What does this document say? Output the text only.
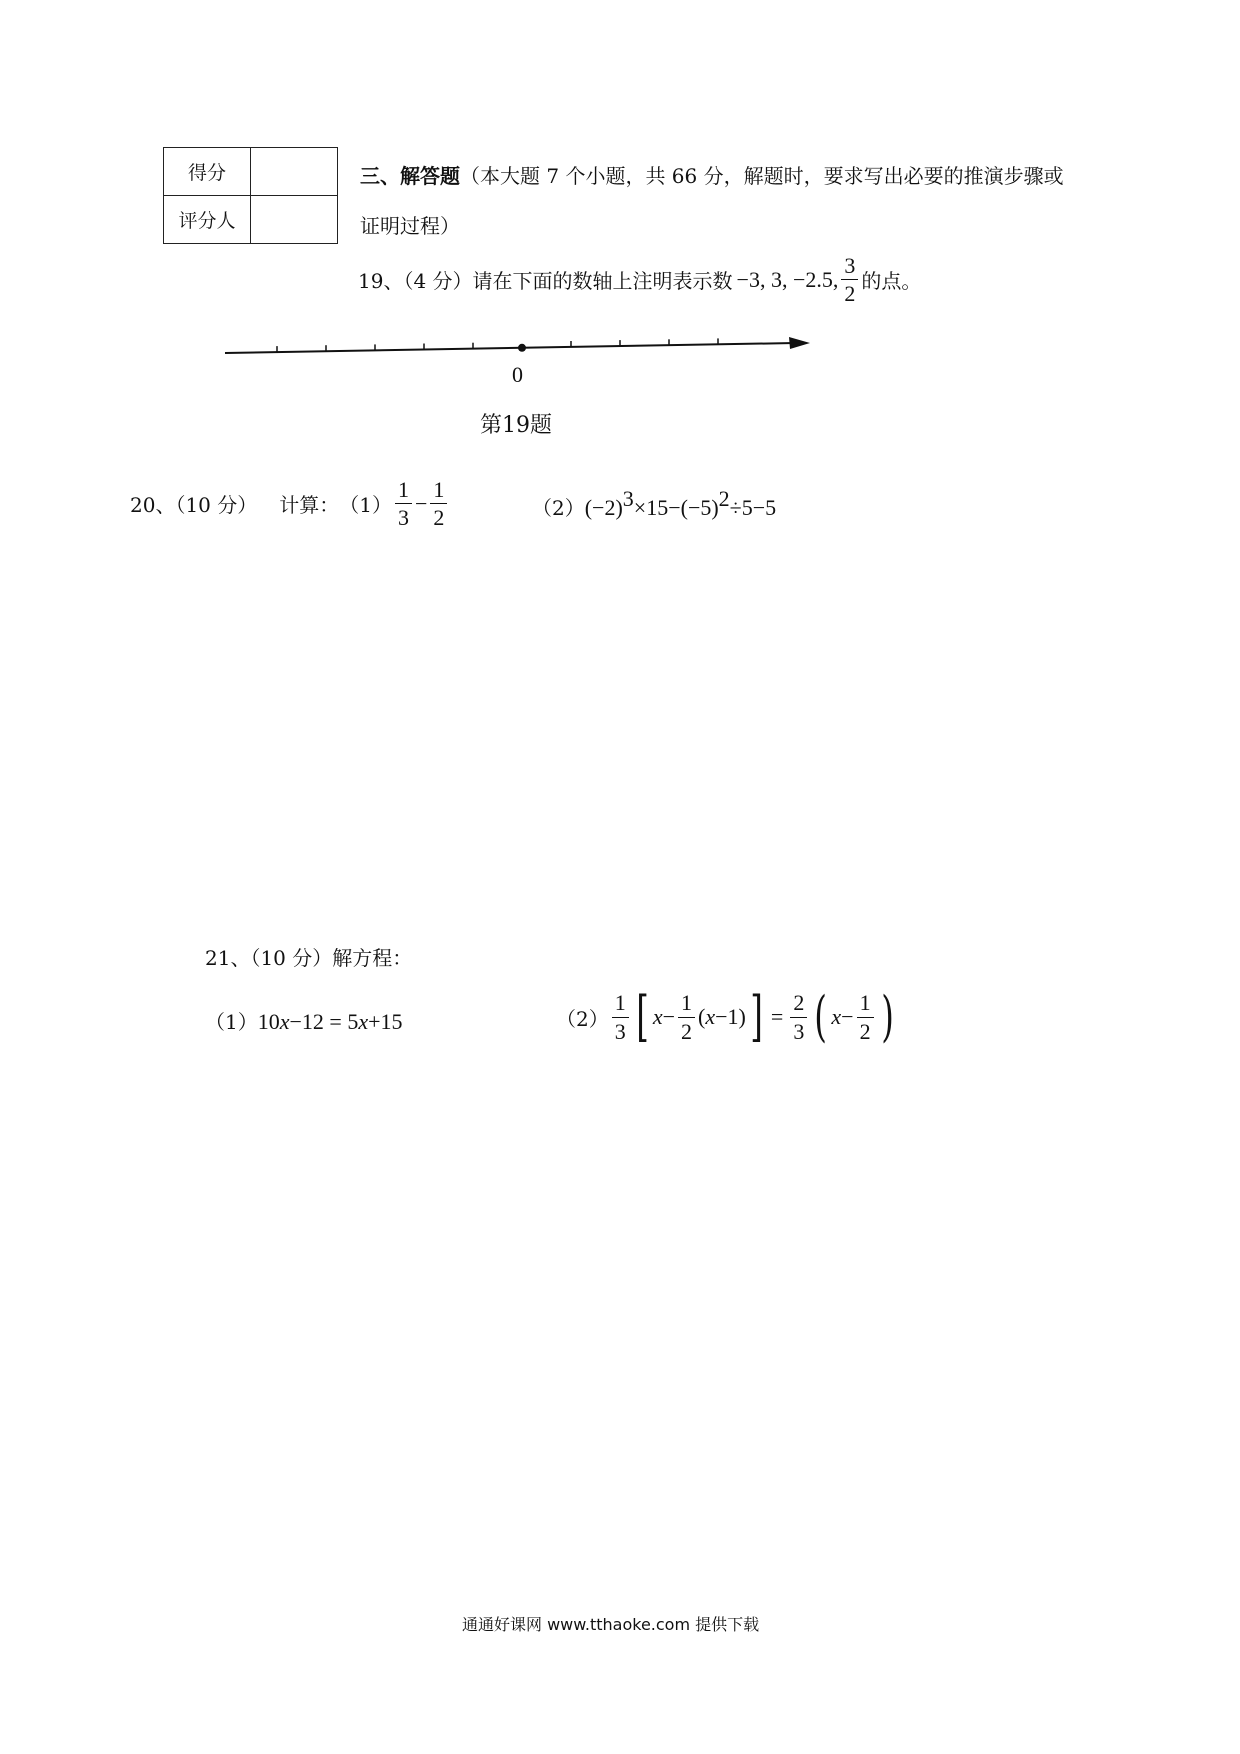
得分	
评分人	
三、解答题（本大题 7 个小题，共 66 分，解题时，要求写出必要的推演步骤或
证明过程）
19、（4 分） 请在下面的数轴上注明表示数 −3, 3, −2.5, $\frac{3}{2}$ 的点。
0
第19题
20、（10 分） 计算： $(1) \frac{1}{3} - \frac{1}{2}$	$(2)(-2)^3\times 15-(-5)^2\div 5-5$
21、（10 分）解方程：
（1）10x−12 = 5x+15	$(2) \frac{1}{3}$ [ $x - \frac{1}{2}$ ( x −1) ] = $\frac{2}{3}$ ( $x - \frac{1}{2}$ )
通通好课网 www.tthaoke.com 提供下载
